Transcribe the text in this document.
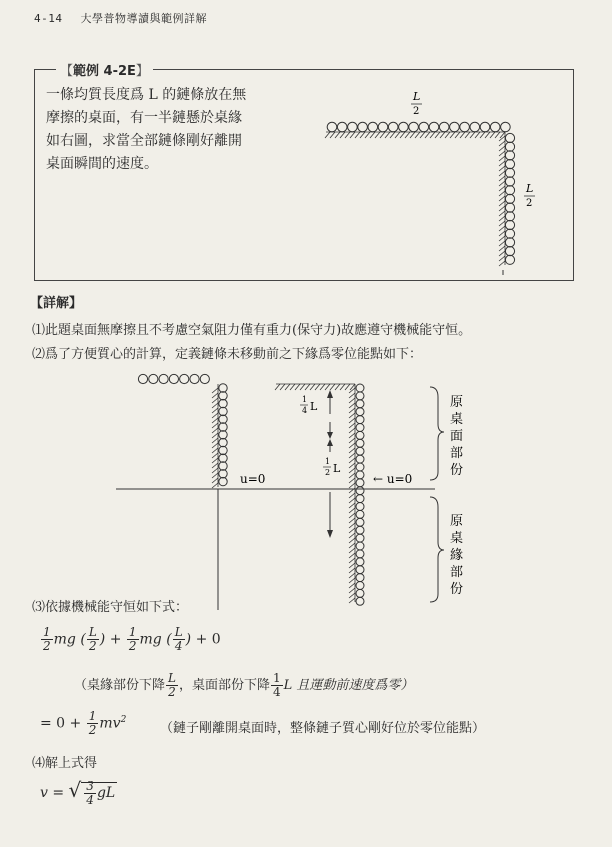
4-14 大學普物導讀與範例詳解
【範例 4-2E】
一條均質長度爲 L 的鏈條放在無
摩擦的桌面，有一半鏈懸於桌緣
如右圖，求當全部鏈條剛好離開
桌面瞬間的速度。
L
2
L
2
【詳解】
⑴此題桌面無摩擦且不考慮空氣阻力僅有重力(保守力)故應遵守機械能守恒。
⑵爲了方便質心的計算，定義鏈條未移動前之下緣爲零位能點如下：
u=0	← u=0
1
4 L
1
2 L
原
桌
面
部
份
原
桌
緣
部
份
⑶依據機械能守恒如下式：
$\frac{1}{2}$ mg ( $\frac{L}{2}$ ) + $\frac{1}{2}$ mg ( $\frac{L}{4}$ ) + 0
（桌緣部份下降 $\frac{L}{2}$ ，桌面部份下降 $\frac{1}{4}$ L 且運動前速度爲零）
= $0 + \frac{1}{2} mv^2$
（鏈子剛離開桌面時，整條鏈子質心剛好位於零位能點）
⑷解上式得
v = √ $\frac{3}{4}$ gL
